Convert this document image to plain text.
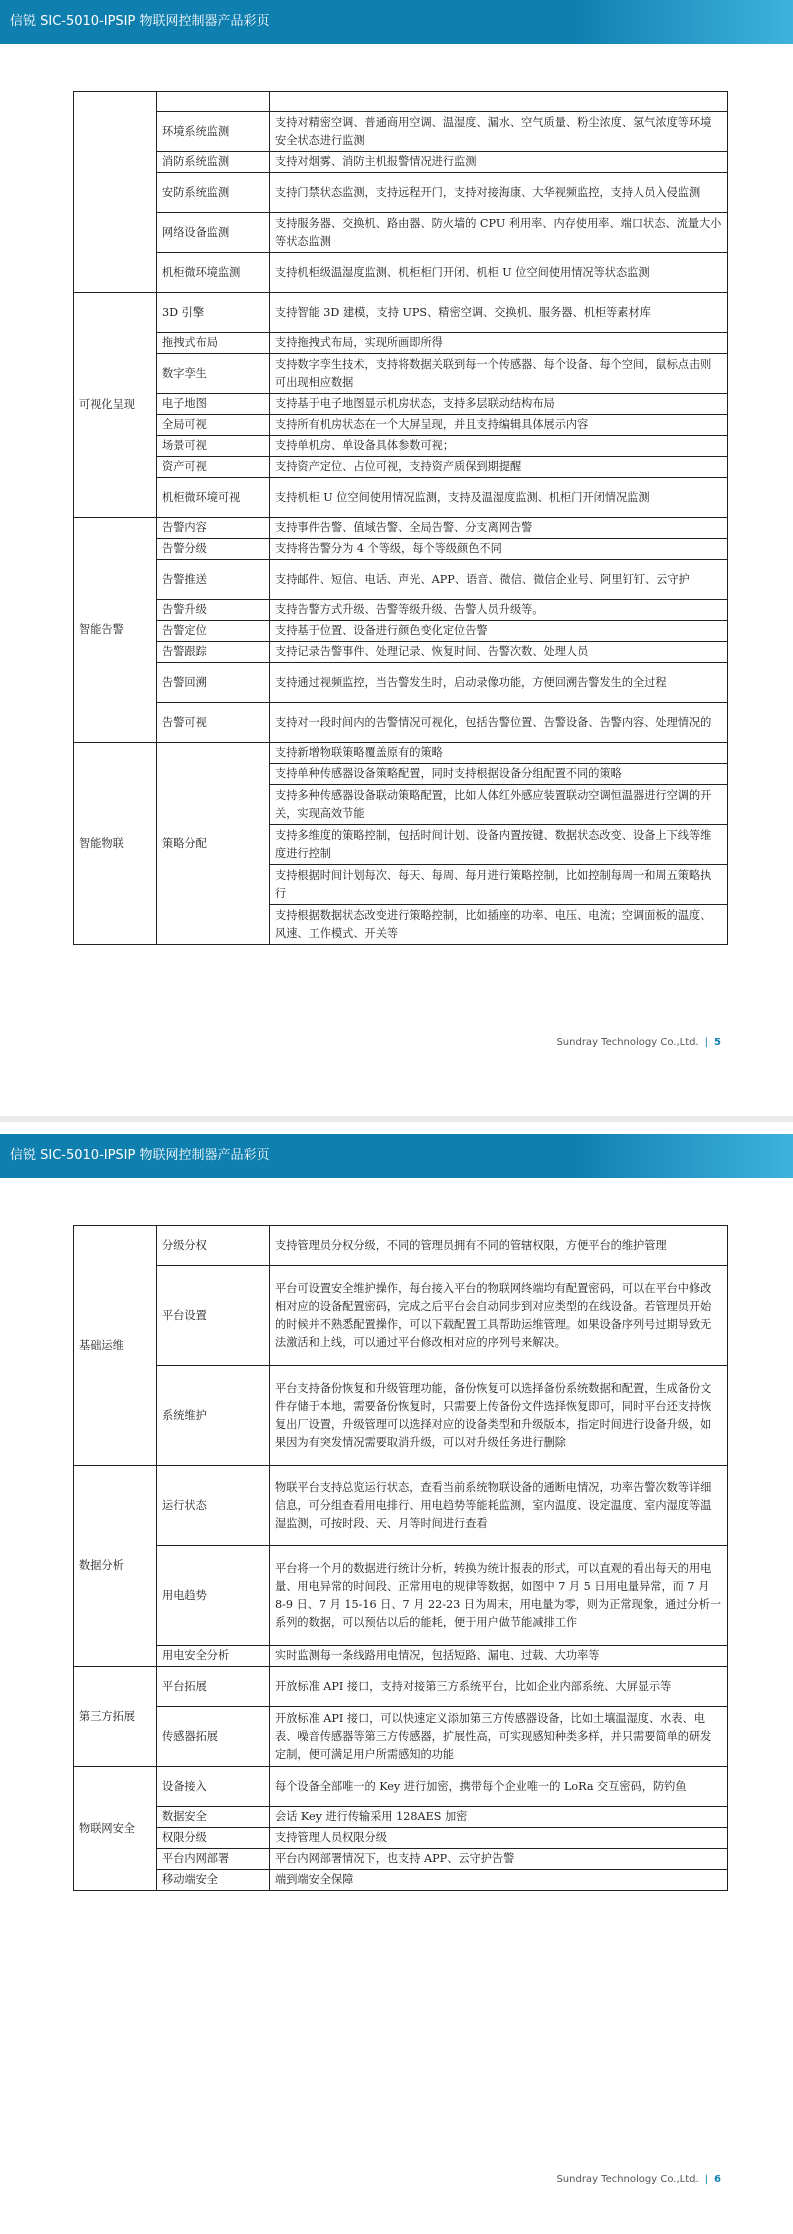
信锐 SIC-5010-IPSIP 物联网控制器产品彩页

	环境系统监测	支持对精密空调、普通商用空调、温湿度、漏水、空气质量、粉尘浓度、氢气浓度等环境安全状态进行监测
	消防系统监测	支持对烟雾、消防主机报警情况进行监测
	安防系统监测	支持门禁状态监测，支持远程开门，支持对接海康、大华视频监控，支持人员入侵监测
	网络设备监测	支持服务器、交换机、路由器、防火墙的 CPU 利用率、内存使用率、端口状态、流量大小等状态监测
	机柜微环境监测	支持机柜级温湿度监测、机柜柜门开闭、机柜 U 位空间使用情况等状态监测
可视化呈现	3D 引擎	支持智能 3D 建模，支持 UPS、精密空调、交换机、服务器、机柜等素材库
	拖拽式布局	支持拖拽式布局，实现所画即所得
	数字孪生	支持数字孪生技术，支持将数据关联到每一个传感器、每个设备、每个空间，鼠标点击则可出现相应数据
	电子地图	支持基于电子地图显示机房状态，支持多层联动结构布局
	全局可视	支持所有机房状态在一个大屏呈现，并且支持编辑具体展示内容
	场景可视	支持单机房、单设备具体参数可视；
	资产可视	支持资产定位、占位可视，支持资产质保到期提醒
	机柜微环境可视	支持机柜 U 位空间使用情况监测，支持及温湿度监测、机柜门开闭情况监测
智能告警	告警内容	支持事件告警、值域告警、全局告警、分支离网告警
	告警分级	支持将告警分为 4 个等级，每个等级颜色不同
	告警推送	支持邮件、短信、电话、声光、APP、语音、微信、微信企业号、阿里钉钉、云守护
	告警升级	支持告警方式升级、告警等级升级、告警人员升级等。
	告警定位	支持基于位置、设备进行颜色变化定位告警
	告警跟踪	支持记录告警事件、处理记录、恢复时间、告警次数、处理人员
	告警回溯	支持通过视频监控，当告警发生时，启动录像功能，方便回溯告警发生的全过程
	告警可视	支持对一段时间内的告警情况可视化，包括告警位置、告警设备、告警内容、处理情况的
智能物联	策略分配	支持新增物联策略覆盖原有的策略
		支持单种传感器设备策略配置，同时支持根据设备分组配置不同的策略
		支持多种传感器设备联动策略配置，比如人体红外感应装置联动空调恒温器进行空调的开关，实现高效节能
		支持多维度的策略控制，包括时间计划、设备内置按键、数据状态改变、设备上下线等维度进行控制
		支持根据时间计划每次、每天、每周、每月进行策略控制，比如控制每周一和周五策略执行
		支持根据数据状态改变进行策略控制，比如插座的功率、电压、电流；空调面板的温度、风速、工作模式、开关等
Sundray Technology Co.,Ltd. | 5
信锐 SIC-5010-IPSIP 物联网控制器产品彩页
基础运维	分级分权	支持管理员分权分级，不同的管理员拥有不同的管辖权限，方便平台的维护管理
	平台设置	平台可设置安全维护操作，每台接入平台的物联网终端均有配置密码，可以在平台中修改相对应的设备配置密码，完成之后平台会自动同步到对应类型的在线设备。若管理员开始的时候并不熟悉配置操作，可以下载配置工具帮助运维管理。如果设备序列号过期导致无法激活和上线，可以通过平台修改相对应的序列号来解决。
	系统维护	平台支持备份恢复和升级管理功能，备份恢复可以选择备份系统数据和配置，生成备份文件存储于本地，需要备份恢复时，只需要上传备份文件选择恢复即可，同时平台还支持恢复出厂设置，升级管理可以选择对应的设备类型和升级版本，指定时间进行设备升级，如果因为有突发情况需要取消升级，可以对升级任务进行删除
数据分析	运行状态	物联平台支持总览运行状态，查看当前系统物联设备的通断电情况，功率告警次数等详细信息，可分组查看用电排行、用电趋势等能耗监测，室内温度、设定温度、室内湿度等温湿监测，可按时段、天、月等时间进行查看
	用电趋势	平台将一个月的数据进行统计分析，转换为统计报表的形式，可以直观的看出每天的用电量、用电异常的时间段、正常用电的规律等数据，如图中 7 月 5 日用电量异常，而 7 月 8-9 日、7 月 15-16 日、7 月 22-23 日为周末，用电量为零，则为正常现象，通过分析一系列的数据，可以预估以后的能耗，便于用户做节能减排工作
	用电安全分析	实时监测每一条线路用电情况，包括短路、漏电、过载、大功率等
第三方拓展	平台拓展	开放标准 API 接口，支持对接第三方系统平台，比如企业内部系统、大屏显示等
	传感器拓展	开放标准 API 接口，可以快速定义添加第三方传感器设备，比如土壤温湿度、水表、电表、噪音传感器等第三方传感器，扩展性高，可实现感知种类多样，并只需要简单的研发定制，便可满足用户所需感知的功能
物联网安全	设备接入	每个设备全部唯一的 Key 进行加密，携带每个企业唯一的 LoRa 交互密码，防钓鱼
	数据安全	会话 Key 进行传输采用 128AES 加密
	权限分级	支持管理人员权限分级
	平台内网部署	平台内网部署情况下，也支持 APP、云守护告警
	移动端安全	端到端安全保障
Sundray Technology Co.,Ltd. | 6
